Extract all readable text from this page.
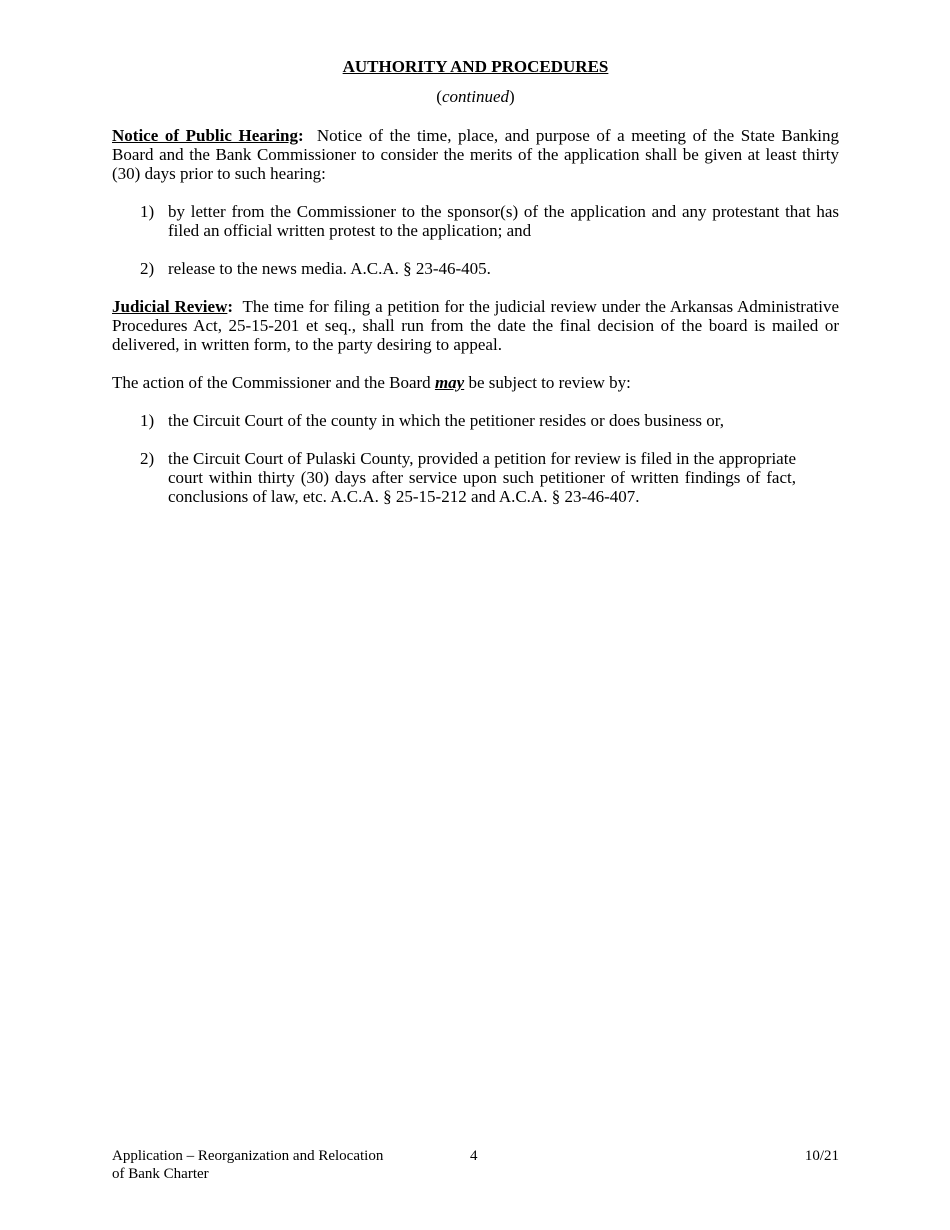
AUTHORITY AND PROCEDURES
(continued)
Notice of Public Hearing: Notice of the time, place, and purpose of a meeting of the State Banking Board and the Bank Commissioner to consider the merits of the application shall be given at least thirty (30) days prior to such hearing:
1) by letter from the Commissioner to the sponsor(s) of the application and any protestant that has filed an official written protest to the application; and
2) release to the news media. A.C.A. § 23-46-405.
Judicial Review: The time for filing a petition for the judicial review under the Arkansas Administrative Procedures Act, 25-15-201 et seq., shall run from the date the final decision of the board is mailed or delivered, in written form, to the party desiring to appeal.
The action of the Commissioner and the Board may be subject to review by:
1) the Circuit Court of the county in which the petitioner resides or does business or,
2) the Circuit Court of Pulaski County, provided a petition for review is filed in the appropriate court within thirty (30) days after service upon such petitioner of written findings of fact, conclusions of law, etc. A.C.A. § 25-15-212 and A.C.A. § 23-46-407.
Application – Reorganization and Relocation
of Bank Charter
4	10/21
